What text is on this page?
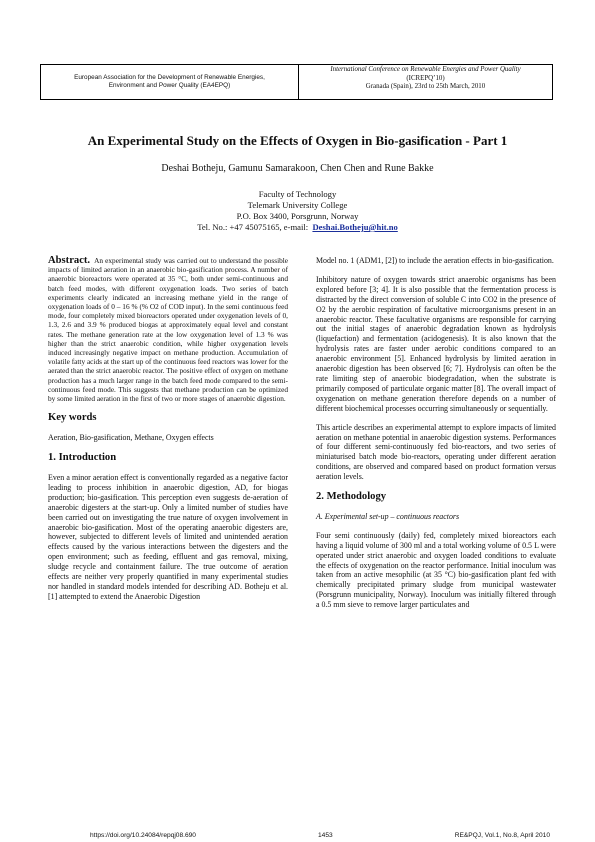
European Association for the Development of Renewable Energies,
Environment and Power Quality (EA4EPQ)
International Conference on Renewable Energies and Power Quality
(ICREPQ’10)
Granada (Spain), 23rd to 25th March, 2010
An Experimental Study on the Effects of Oxygen in Bio-gasification - Part 1
Deshai Botheju, Gamunu Samarakoon, Chen Chen and Rune Bakke
Faculty of Technology
Telemark University College
P.O. Box 3400, Porsgrunn, Norway
Tel. No.: +47 45075165, e-mail: Deshai.Botheju@hit.no

Abstract. An experimental study was carried out to understand the possible impacts of limited aeration in an anaerobic bio-gasification process. A number of anaerobic bioreactors were operated at 35 °C, both under semi-continuous and batch feed modes, with different oxygenation loads. Two series of batch experiments clearly indicated an increasing methane yield in the range of oxygenation loads of 0 – 16 % (% O2 of COD input). In the semi continuous feed mode, four completely mixed bioreactors operated under oxygenation levels of 0, 1.3, 2.6 and 3.9 % produced biogas at approximately equal level and constant rates. The methane generation rate at the low oxygenation level of 1.3 % was higher than the strict anaerobic condition, while higher oxygenation levels induced increasingly negative impact on methane production. Accumulation of volatile fatty acids at the start up of the continuous feed reactors was lower for the aerated than the strict anaerobic reactor. The positive effect of oxygen on methane production has a much larger range in the batch feed mode compared to the semi-continuous feed mode. This suggests that methane production can be optimized by some limited aeration in the first of two or more stages of anaerobic digestion.

Key words

Aeration, Bio-gasification, Methane, Oxygen effects

1. Introduction

Even a minor aeration effect is conventionally regarded as a negative factor leading to process inhibition in anaerobic digestion, AD, for biogas production; bio-gasification. This perception even suggests de-aeration of anaerobic digesters at the start-up. Only a limited number of studies have been carried out on investigating the true nature of oxygen involvement in anaerobic bio-gasification. Most of the operating anaerobic digesters are, however, subjected to different levels of limited and unintended aeration effects caused by the various interactions between the digesters and the open environment; such as feeding, effluent and gas removal, mixing, sludge recycle and containment failure. The true outcome of aeration effects are neither very properly quantified in many experimental studies nor handled in standard models intended for describing AD. Botheju et al. [1] attempted to extend the Anaerobic Digestion

Model no. 1 (ADM1, [2]) to include the aeration effects in bio-gasification.

Inhibitory nature of oxygen towards strict anaerobic organisms has been explored before [3; 4]. It is also possible that the fermentation process is distracted by the direct conversion of soluble C into CO2 in the presence of O2 by the aerobic respiration of facultative microorganisms present in an anaerobic reactor. These facultative organisms are responsible for carrying out the initial stages of anaerobic degradation known as hydrolysis (liquefaction) and fermentation (acidogenesis). It is also known that the hydrolysis rates are faster under aerobic conditions compared to an anaerobic environment [5]. Enhanced hydrolysis by limited aeration in anaerobic digestion has been observed [6; 7]. Hydrolysis can often be the rate limiting step of anaerobic biodegradation, when the substrate is primarily composed of particulate organic matter [8]. The overall impact of oxygenation on methane generation therefore depends on a number of different biochemical processes occurring simultaneously or sequentially.

This article describes an experimental attempt to explore impacts of limited aeration on methane potential in anaerobic digestion systems. Performances of four different semi-continuously fed bio-reactors, and two series of miniaturised batch mode bio-reactors, operating under different aeration conditions, are observed and compared based on product formation versus aeration levels.

2. Methodology

A. Experimental set-up – continuous reactors

Four semi continuously (daily) fed, completely mixed bioreactors each having a liquid volume of 300 ml and a total working volume of 0.5 L were operated under strict anaerobic and oxygen loaded conditions to evaluate the effects of oxygenation on the reactor performance. Initial inoculum was taken from an active mesophilic (at 35 °C) bio-gasification plant fed with chemically precipitated primary sludge from municipal wastewater (Porsgrunn municipality, Norway). Inoculum was initially filtered through a 0.5 mm sieve to remove larger particulates and

https://doi.org/10.24084/repqj08.690	1453	RE&PQJ, Vol.1, No.8, April 2010
